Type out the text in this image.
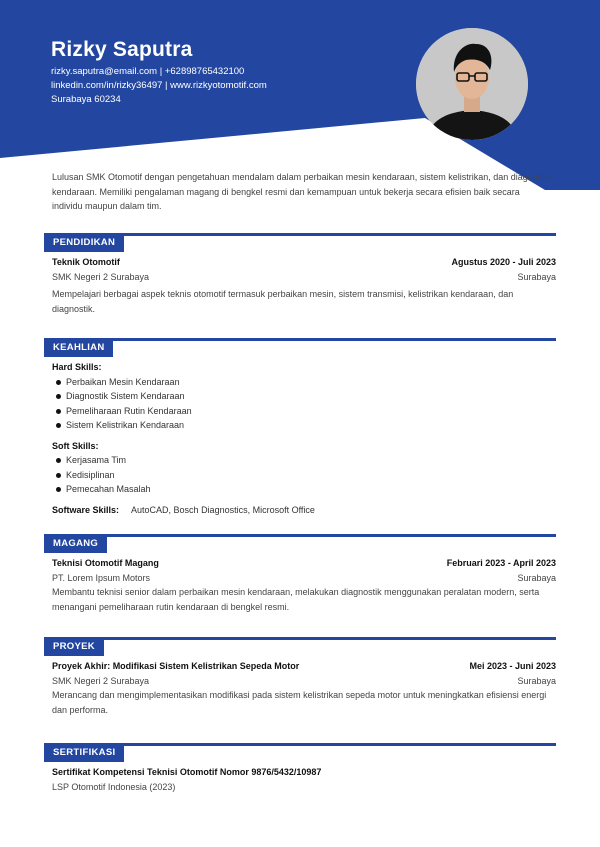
Rizky Saputra
rizky.saputra@email.com | +62898765432100
linkedin.com/in/rizky36497 | www.rizkyotomotif.com
Surabaya 60234
Lulusan SMK Otomotif dengan pengetahuan mendalam dalam perbaikan mesin kendaraan, sistem kelistrikan, dan diagnostik kendaraan. Memiliki pengalaman magang di bengkel resmi dan kemampuan untuk bekerja secara efisien baik secara individu maupun dalam tim.
PENDIDIKAN
Teknik Otomotif	Agustus 2020 - Juli 2023
SMK Negeri 2 Surabaya	Surabaya
Mempelajari berbagai aspek teknis otomotif termasuk perbaikan mesin, sistem transmisi, kelistrikan kendaraan, dan diagnostik.
KEAHLIAN
Hard Skills:
Perbaikan Mesin Kendaraan
Diagnostik Sistem Kendaraan
Pemeliharaan Rutin Kendaraan
Sistem Kelistrikan Kendaraan
Soft Skills:
Kerjasama Tim
Kedisiplinan
Pemecahan Masalah
Software Skills: AutoCAD, Bosch Diagnostics, Microsoft Office
MAGANG
Teknisi Otomotif Magang	Februari 2023 - April 2023
PT. Lorem Ipsum Motors	Surabaya
Membantu teknisi senior dalam perbaikan mesin kendaraan, melakukan diagnostik menggunakan peralatan modern, serta menangani pemeliharaan rutin kendaraan di bengkel resmi.
PROYEK
Proyek Akhir: Modifikasi Sistem Kelistrikan Sepeda Motor	Mei 2023 - Juni 2023
SMK Negeri 2 Surabaya	Surabaya
Merancang dan mengimplementasikan modifikasi pada sistem kelistrikan sepeda motor untuk meningkatkan efisiensi energi dan performa.
SERTIFIKASI
Sertifikat Kompetensi Teknisi Otomotif Nomor 9876/5432/10987
LSP Otomotif Indonesia (2023)
